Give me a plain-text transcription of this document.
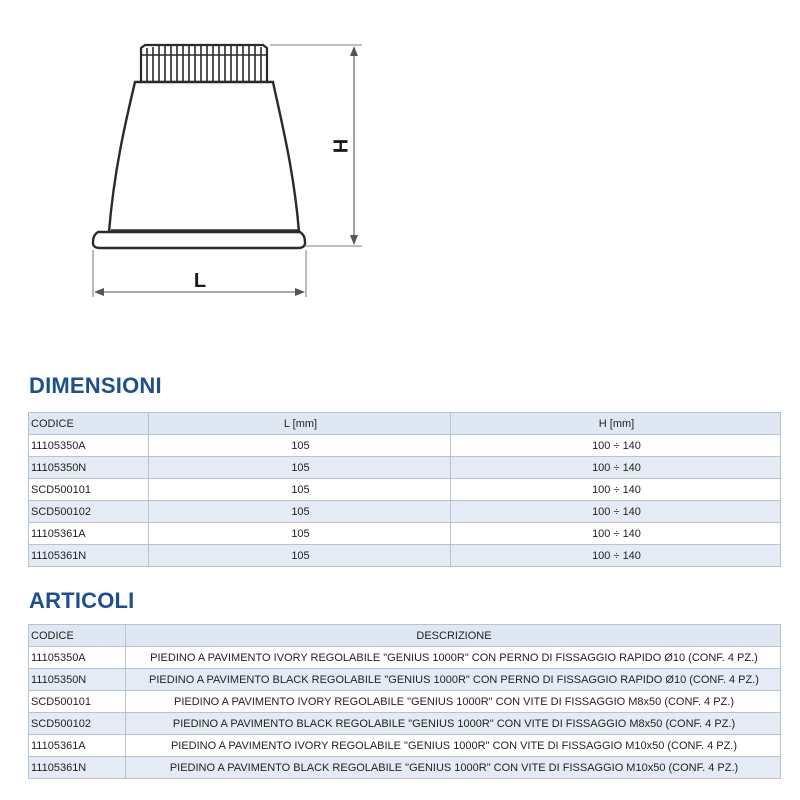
H
L
DIMENSIONI
CODICE	L [mm]	H [mm]
11105350A	105	100 ÷ 140
11105350N	105	100 ÷ 140
SCD500101	105	100 ÷ 140
SCD500102	105	100 ÷ 140
11105361A	105	100 ÷ 140
11105361N	105	100 ÷ 140
ARTICOLI
CODICE	DESCRIZIONE
11105350A	PIEDINO A PAVIMENTO IVORY REGOLABILE "GENIUS 1000R" CON PERNO DI FISSAGGIO RAPIDO Ø10 (CONF. 4 PZ.)
11105350N	PIEDINO A PAVIMENTO BLACK REGOLABILE "GENIUS 1000R" CON PERNO DI FISSAGGIO RAPIDO Ø10 (CONF. 4 PZ.)
SCD500101	PIEDINO A PAVIMENTO IVORY REGOLABILE "GENIUS 1000R" CON VITE DI FISSAGGIO M8x50 (CONF. 4 PZ.)
SCD500102	PIEDINO A PAVIMENTO BLACK REGOLABILE "GENIUS 1000R" CON VITE DI FISSAGGIO M8x50 (CONF. 4 PZ.)
11105361A	PIEDINO A PAVIMENTO IVORY REGOLABILE "GENIUS 1000R" CON VITE DI FISSAGGIO M10x50 (CONF. 4 PZ.)
11105361N	PIEDINO A PAVIMENTO BLACK REGOLABILE "GENIUS 1000R" CON VITE DI FISSAGGIO M10x50 (CONF. 4 PZ.)
